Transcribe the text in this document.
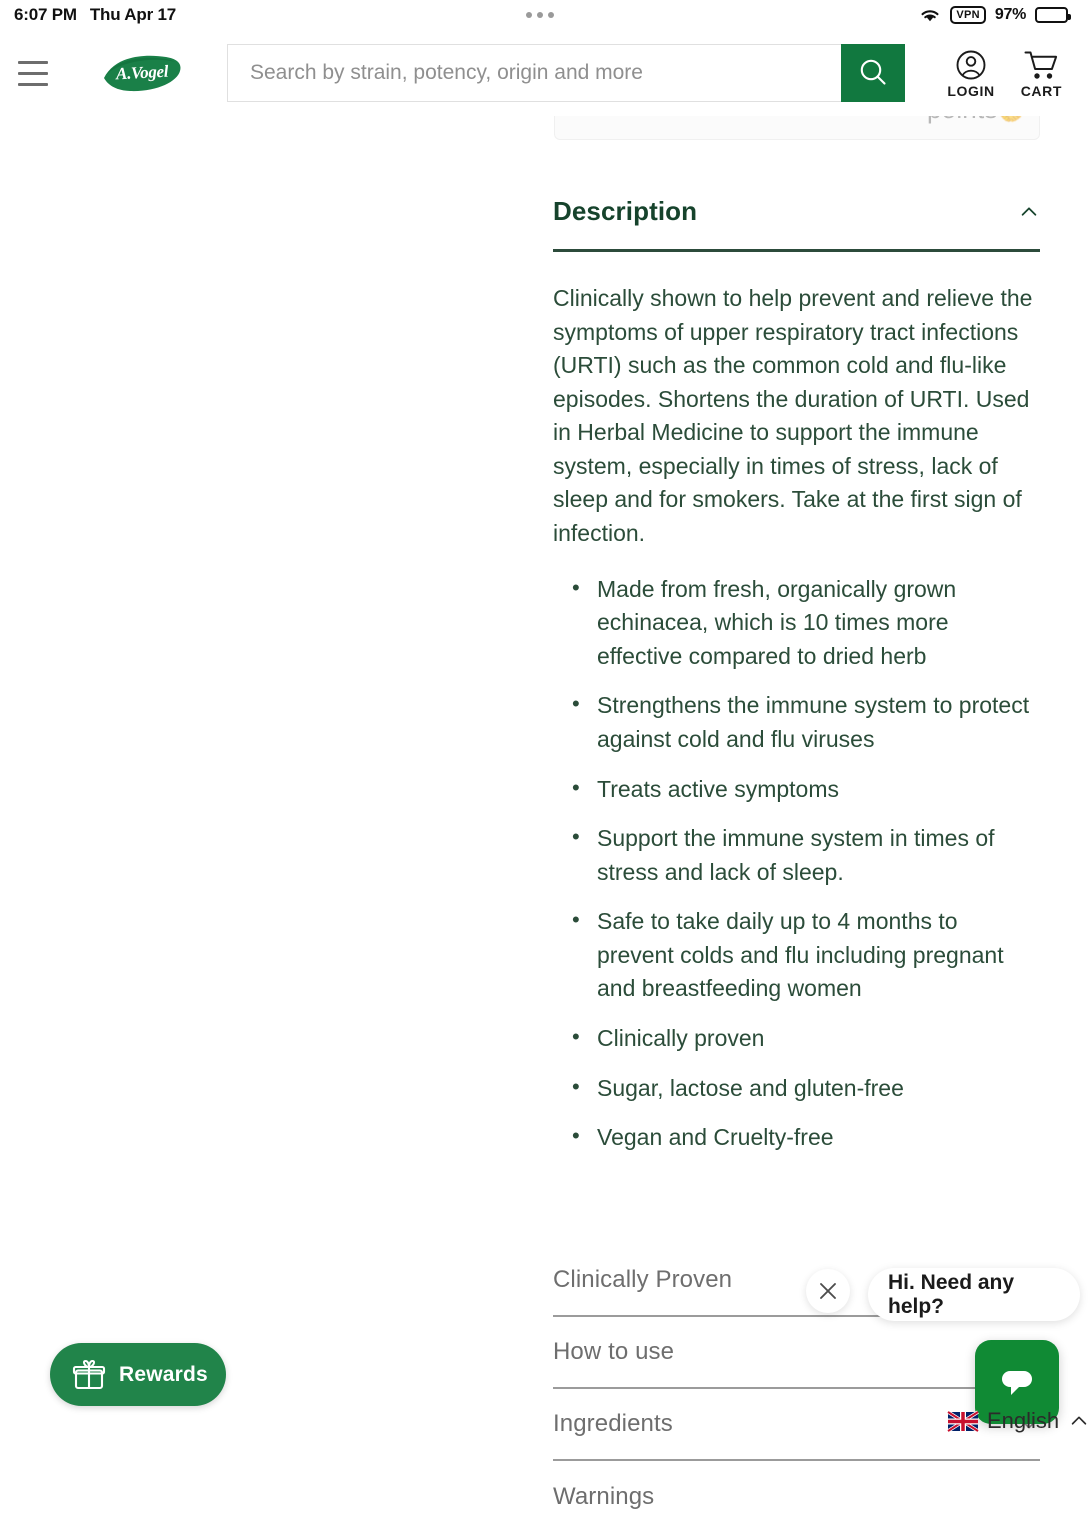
6:07 PM Thu Apr 17	VPN 97%
A.Vogel
Search by strain, potency, origin and more
LOGIN CART
Description

Clinically shown to help prevent and relieve the symptoms of upper respiratory tract infections (URTI) such as the common cold and flu-like episodes. Shortens the duration of URTI. Used in Herbal Medicine to support the immune system, especially in times of stress, lack of sleep and for smokers. Take at the first sign of infection.

• Made from fresh, organically grown echinacea, which is 10 times more effective compared to dried herb
• Strengthens the immune system to protect against cold and flu viruses
• Treats active symptoms
• Support the immune system in times of stress and lack of sleep.
• Safe to take daily up to 4 months to prevent colds and flu including pregnant and breastfeeding women
• Clinically proven
• Sugar, lactose and gluten-free
• Vegan and Cruelty-free
Clinically Proven
How to use
Ingredients
Warnings
Rewards
Hi. Need any help?
English
